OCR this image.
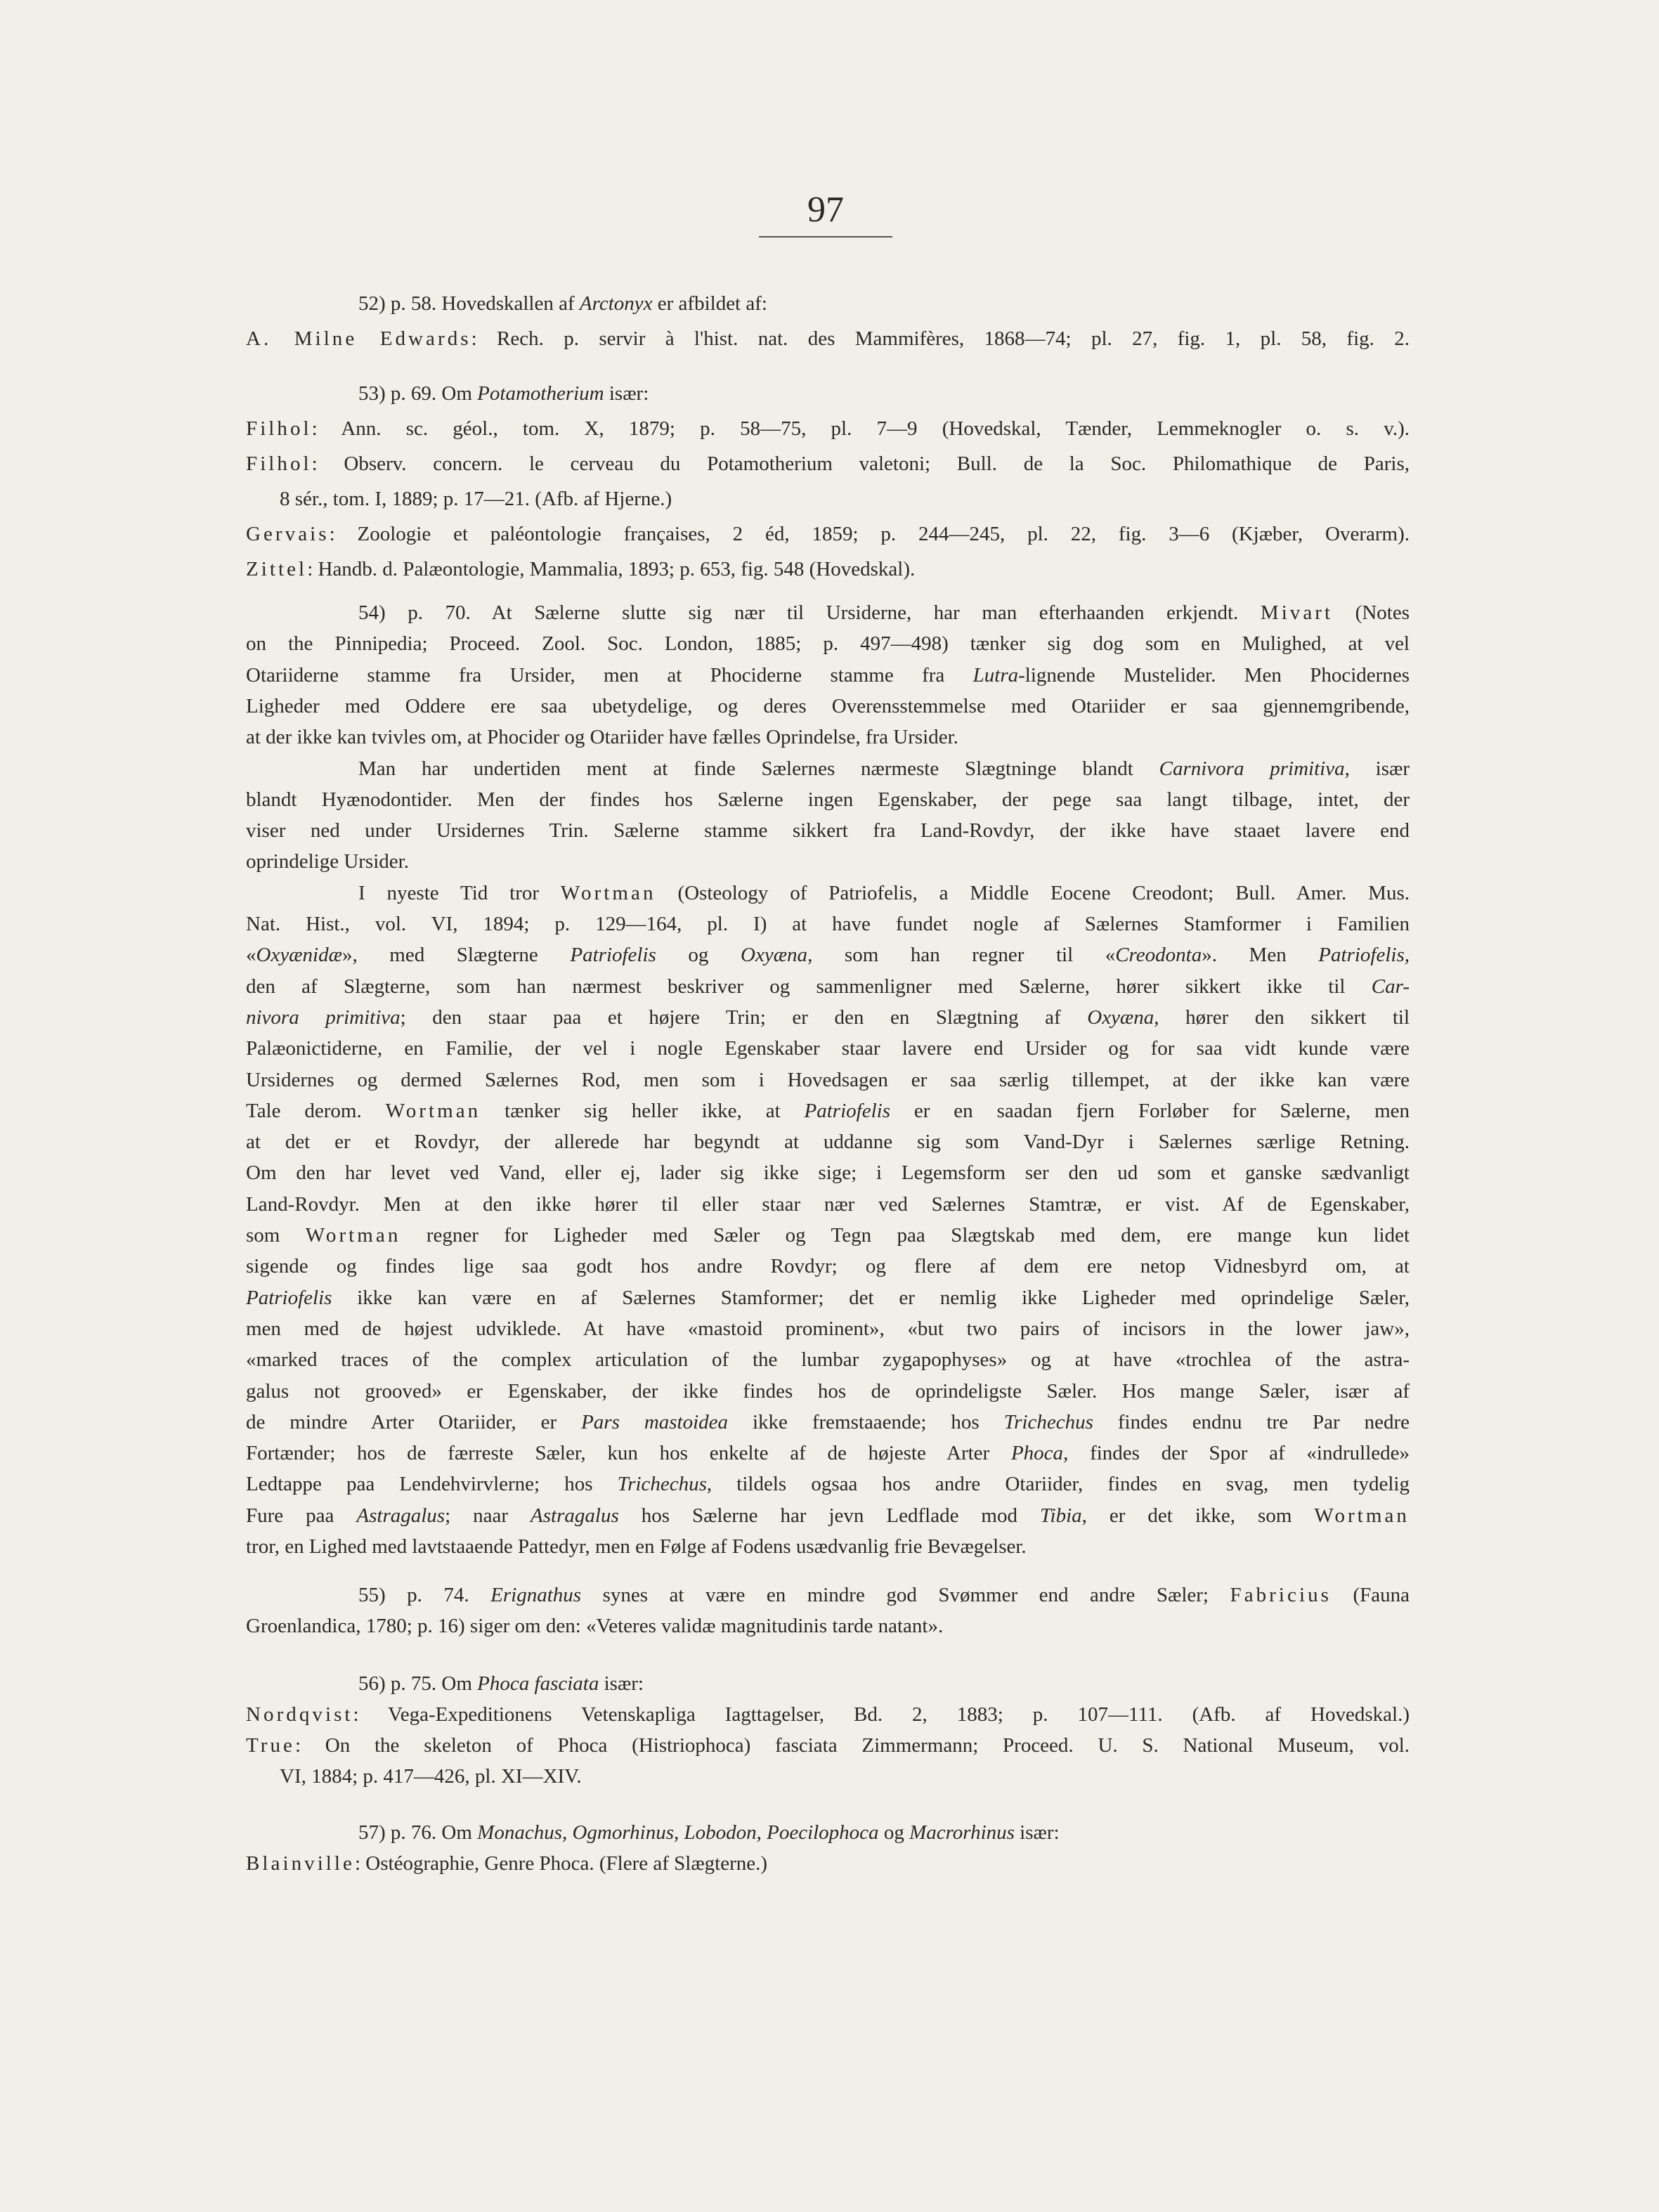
97
52) p. 58. Hovedskallen af Arctonyx er afbildet af:
A. Milne Edwards: Rech. p. servir à l'hist. nat. des Mammifères, 1868—74; pl. 27, fig. 1, pl. 58, fig. 2.
53) p. 69. Om Potamotherium især:
Filhol: Ann. sc. géol., tom. X, 1879; p. 58—75, pl. 7—9 (Hovedskal, Tænder, Lemmeknogler o. s. v.).
Filhol: Observ. concern. le cerveau du Potamotherium valetoni; Bull. de la Soc. Philomathique de Paris,
8 sér., tom. I, 1889; p. 17—21. (Afb. af Hjerne.)
Gervais: Zoologie et paléontologie françaises, 2 éd, 1859; p. 244—245, pl. 22, fig. 3—6 (Kjæber, Overarm).
Zittel: Handb. d. Palæontologie, Mammalia, 1893; p. 653, fig. 548 (Hovedskal).
54) p. 70. At Sælerne slutte sig nær til Ursiderne, har man efterhaanden erkjendt. Mivart (Notes
on the Pinnipedia; Proceed. Zool. Soc. London, 1885; p. 497—498) tænker sig dog som en Mulighed, at vel
Otariiderne stamme fra Ursider, men at Phociderne stamme fra Lutra-lignende Mustelider. Men Phocidernes
Ligheder med Oddere ere saa ubetydelige, og deres Overensstemmelse med Otariider er saa gjennemgribende,
at der ikke kan tvivles om, at Phocider og Otariider have fælles Oprindelse, fra Ursider.
Man har undertiden ment at finde Sælernes nærmeste Slægtninge blandt Carnivora primitiva, især
blandt Hyænodontider. Men der findes hos Sælerne ingen Egenskaber, der pege saa langt tilbage, intet, der
viser ned under Ursidernes Trin. Sælerne stamme sikkert fra Land-Rovdyr, der ikke have staaet lavere end
oprindelige Ursider.
I nyeste Tid tror Wortman (Osteology of Patriofelis, a Middle Eocene Creodont; Bull. Amer. Mus.
Nat. Hist., vol. VI, 1894; p. 129—164, pl. I) at have fundet nogle af Sælernes Stamformer i Familien
«Oxyænidæ», med Slægterne Patriofelis og Oxyæna, som han regner til «Creodonta». Men Patriofelis,
den af Slægterne, som han nærmest beskriver og sammenligner med Sælerne, hører sikkert ikke til Car-
nivora primitiva; den staar paa et højere Trin; er den en Slægtning af Oxyæna, hører den sikkert til
Palæonictiderne, en Familie, der vel i nogle Egenskaber staar lavere end Ursider og for saa vidt kunde være
Ursidernes og dermed Sælernes Rod, men som i Hovedsagen er saa særlig tillempet, at der ikke kan være
Tale derom. Wortman tænker sig heller ikke, at Patriofelis er en saadan fjern Forløber for Sælerne, men
at det er et Rovdyr, der allerede har begyndt at uddanne sig som Vand-Dyr i Sælernes særlige Retning.
Om den har levet ved Vand, eller ej, lader sig ikke sige; i Legemsform ser den ud som et ganske sædvanligt
Land-Rovdyr. Men at den ikke hører til eller staar nær ved Sælernes Stamtræ, er vist. Af de Egenskaber,
som Wortman regner for Ligheder med Sæler og Tegn paa Slægtskab med dem, ere mange kun lidet
sigende og findes lige saa godt hos andre Rovdyr; og flere af dem ere netop Vidnesbyrd om, at
Patriofelis ikke kan være en af Sælernes Stamformer; det er nemlig ikke Ligheder med oprindelige Sæler,
men med de højest udviklede. At have «mastoid prominent», «but two pairs of incisors in the lower jaw»,
«marked traces of the complex articulation of the lumbar zygapophyses» og at have «trochlea of the astra-
galus not grooved» er Egenskaber, der ikke findes hos de oprindeligste Sæler. Hos mange Sæler, især af
de mindre Arter Otariider, er Pars mastoidea ikke fremstaaende; hos Trichechus findes endnu tre Par nedre
Fortænder; hos de færreste Sæler, kun hos enkelte af de højeste Arter Phoca, findes der Spor af «indrullede»
Ledtappe paa Lendehvirvlerne; hos Trichechus, tildels ogsaa hos andre Otariider, findes en svag, men tydelig
Fure paa Astragalus; naar Astragalus hos Sælerne har jevn Ledflade mod Tibia, er det ikke, som Wortman
tror, en Lighed med lavtstaaende Pattedyr, men en Følge af Fodens usædvanlig frie Bevægelser.
55) p. 74. Erignathus synes at være en mindre god Svømmer end andre Sæler; Fabricius (Fauna
Groenlandica, 1780; p. 16) siger om den: «Veteres validæ magnitudinis tarde natant».
56) p. 75. Om Phoca fasciata især:
Nordqvist: Vega-Expeditionens Vetenskapliga Iagttagelser, Bd. 2, 1883; p. 107—111. (Afb. af Hovedskal.)
True: On the skeleton of Phoca (Histriophoca) fasciata Zimmermann; Proceed. U. S. National Museum, vol.
VI, 1884; p. 417—426, pl. XI—XIV.
57) p. 76. Om Monachus, Ogmorhinus, Lobodon, Poecilophoca og Macrorhinus især:
Blainville: Ostéographie, Genre Phoca. (Flere af Slægterne.)
